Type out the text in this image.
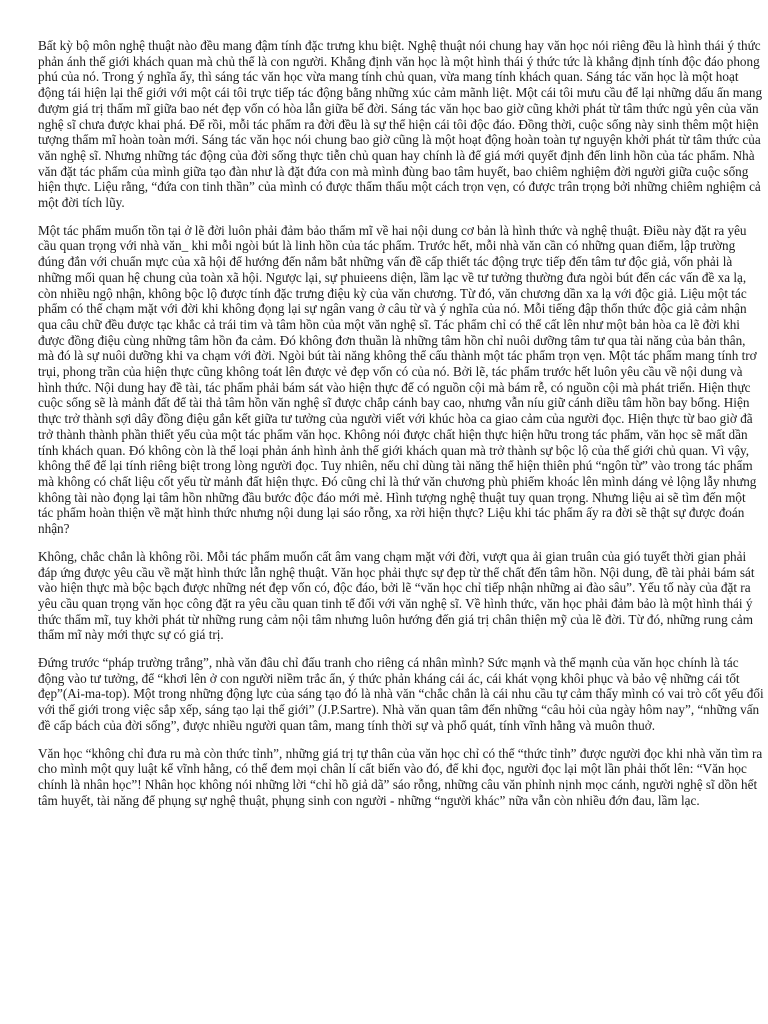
Bất kỳ bộ môn nghệ thuật nào đều mang đậm tính đặc trưng khu biệt. Nghệ thuật nói chung hay văn học nói riêng đều là hình thái ý thức phản ánh thế giới khách quan mà chủ thể là con người. Khẳng định văn học là một hình thái ý thức tức là khẳng định tính độc đáo phong phú của nó. Trong ý nghĩa ấy, thì sáng tác văn học vừa mang tính chủ quan, vừa mang tính khách quan. Sáng tác văn học là một hoạt động tái hiện lại thế giới với một cái tôi trực tiếp tác động bằng những xúc cảm mãnh liệt. Một cái tôi mưu cầu để lại những dấu ấn mang đượm giá trị thẩm mĩ giữa bao nét đẹp vốn có hòa lẫn giữa bể đời. Sáng tác văn học bao giờ cũng khởi phát từ tâm thức ngủ yên của văn nghệ sĩ chưa được khai phá. Để rồi, mỗi tác phẩm ra đời đều là sự thể hiện cái tôi độc đáo. Đồng thời, cuộc sống này sinh thêm một hiện tượng thẩm mĩ hoàn toàn mới. Sáng tác văn học nói chung bao giờ cũng là một hoạt động hoàn toàn tự nguyện khởi phát từ tâm thức của văn nghệ sĩ. Nhưng những tác động của đời sống thực tiễn chủ quan hay chính là để giá mới quyết định đến linh hồn của tác phẩm. Nhà văn đặt tác phẩm của mình giữa tạo đàn như là đặt đứa con mà mình đùng bao tâm huyết, bao chiêm nghiệm đời người giữa cuộc sống hiện thực. Liệu rằng, “đứa con tinh thần” của mình có được thẩm thấu một cách trọn vẹn, có được trân trọng bởi những chiêm nghiệm cả một đời tích lũy.

Một tác phẩm muốn tồn tại ở lẽ đời luôn phải đảm bảo thẩm mĩ về hai nội dung cơ bản là hình thức và nghệ thuật. Điều này đặt ra yêu cầu quan trọng với nhà văn_ khi mỗi ngòi bút là linh hồn của tác phẩm. Trước hết, mỗi nhà văn cần có những quan điểm, lập trường đúng đắn với chuẩn mực của xã hội để hướng đến nắm bắt những vấn đề cấp thiết tác động trực tiếp đến tâm tư độc giả, vốn phải là những mối quan hệ chung của toàn xã hội. Ngược lại, sự phuieens diện, lầm lạc về tư tưởng thường đưa ngòi bút đến các vấn đề xa lạ, còn nhiều ngộ nhận, không bộc lộ được tính đặc trưng điệu kỳ của văn chương. Từ đó, văn chương dần xa lạ với độc giả. Liệu một tác phẩm có thể chạm mặt với đời khi không đọng lại sự ngân vang ở câu từ và ý nghĩa của nó. Mỗi tiếng đập thổn thức độc giả cảm nhận qua câu chữ đều được tạc khắc cả trái tim và tâm hồn của một văn nghệ sĩ. Tác phẩm chỉ có thể cất lên như một bản hòa ca lẽ đời khi được đồng điệu cùng những tâm hồn đa cảm. Đó không đơn thuần là những tâm hồn chỉ nuôi dưỡng tâm tư qua tài năng của bản thân, mà đó là sự nuôi dưỡng khi va chạm với đời. Ngòi bút tài năng không thể cấu thành một tác phẩm trọn vẹn. Một tác phẩm mang tính trơ trụi, phong trần của hiện thực cũng không toát lên được vẻ đẹp vốn có của nó. Bởi lẽ, tác phẩm trước hết luôn yêu cầu về nội dung và hình thức. Nội dung hay đề tài, tác phẩm phải bám sát vào hiện thực để có nguồn cội mà bám rễ, có nguồn cội mà phát triển. Hiện thực cuộc sống sẽ là mảnh đất để tài thả tâm hồn văn nghệ sĩ được chắp cánh bay cao, nhưng vẫn níu giữ cánh diều tâm hồn bay bổng. Hiện thực trở thành sợi dây đồng điệu gắn kết giữa tư tưởng của người viết với khúc hòa ca giao cảm của người đọc. Hiện thực từ bao giờ đã trở thành thành phần thiết yếu của một tác phẩm văn học. Không nói được chất hiện thực hiện hữu trong tác phẩm, văn học sẽ mất dần tính khách quan. Đó không còn là thể loại phản ánh hình ảnh thế giới khách quan mà trở thành sự bộc lộ của thế giới chủ quan. Vì vậy, không thể để lại tính riêng biệt trong lòng người đọc. Tuy nhiên, nếu chỉ dùng tài năng thể hiện thiên phú “ngôn từ” vào trong tác phẩm mà không có chất liệu cốt yếu từ mảnh đất hiện thực. Đó cũng chỉ là thứ văn chương phù phiếm khoác lên mình dáng vẻ lộng lẫy nhưng không tài nào đọng lại tâm hồn những đầu bước độc đáo mới mẻ. Hình tượng nghệ thuật tuy quan trọng. Nhưng liệu ai sẽ tìm đến một tác phẩm hoàn thiện về mặt hình thức nhưng nội dung lại sáo rỗng, xa rời hiện thực? Liệu khi tác phẩm ấy ra đời sẽ thật sự được đoán nhận?

Không, chắc chắn là không rồi. Mỗi tác phẩm muốn cất âm vang chạm mặt với đời, vượt qua ải gian truân của gió tuyết thời gian phải đáp ứng được yêu cầu về mặt hình thức lẫn nghệ thuật. Văn học phải thực sự đẹp từ thể chất đến tâm hồn. Nội dung, đề tài phải bám sát vào hiện thực mà bộc bạch được những nét đẹp vốn có, độc đáo, bởi lẽ “văn học chỉ tiếp nhận những ai đào sâu”. Yếu tố này của đặt ra yêu cầu quan trọng văn học công đặt ra yêu cầu quan tinh tế đối với văn nghệ sĩ. Về hình thức, văn học phải đảm bảo là một hình thái ý thức thẩm mĩ, tuy khởi phát từ những rung cảm nội tâm nhưng luôn hướng đến giá trị chân thiện mỹ của lẽ đời. Từ đó, những rung cảm thẩm mĩ này mới thực sự có giá trị.

Đứng trước “pháp trường trắng”, nhà văn đâu chỉ đấu tranh cho riêng cá nhân mình? Sức mạnh và thế mạnh của văn học chính là tác động vào tư tưởng, để “khơi lên ở con người niềm trắc ẩn, ý thức phản kháng cái ác, cái khát vọng khôi phục và bảo vệ những cái tốt đẹp”(Ai-ma-top). Một trong những động lực của sáng tạo đó là nhà văn “chắc chắn là cái nhu cầu tự cảm thấy mình có vai trò cốt yếu đối với thế giới trong việc sắp xếp, sáng tạo lại thế giới” (J.P.Sartre). Nhà văn quan tâm đến những “câu hỏi của ngày hôm nay”, “những vấn đề cấp bách của đời sống”, được nhiều người quan tâm, mang tính thời sự và phổ quát, tính vĩnh hằng và muôn thuở.

Văn học “không chỉ đưa ru mà còn thức tỉnh”, những giá trị tự thân của văn học chỉ có thể “thức tỉnh” được người đọc khi nhà văn tìm ra cho mình một quy luật kể vĩnh hằng, có thể đem mọi chân lí cất biến vào đó, để khi đọc, người đọc lại một lần phải thốt lên: “Văn học chính là nhân học”! Nhân học không nói những lời “chỉ hồ giả dã” sáo rỗng, những câu văn phỉnh nịnh mọc cánh, người nghệ sĩ dồn hết tâm huyết, tài năng để phụng sự nghệ thuật, phụng sinh con người - những “người khác” nữa vẫn còn nhiều đớn đau, lầm lạc.
